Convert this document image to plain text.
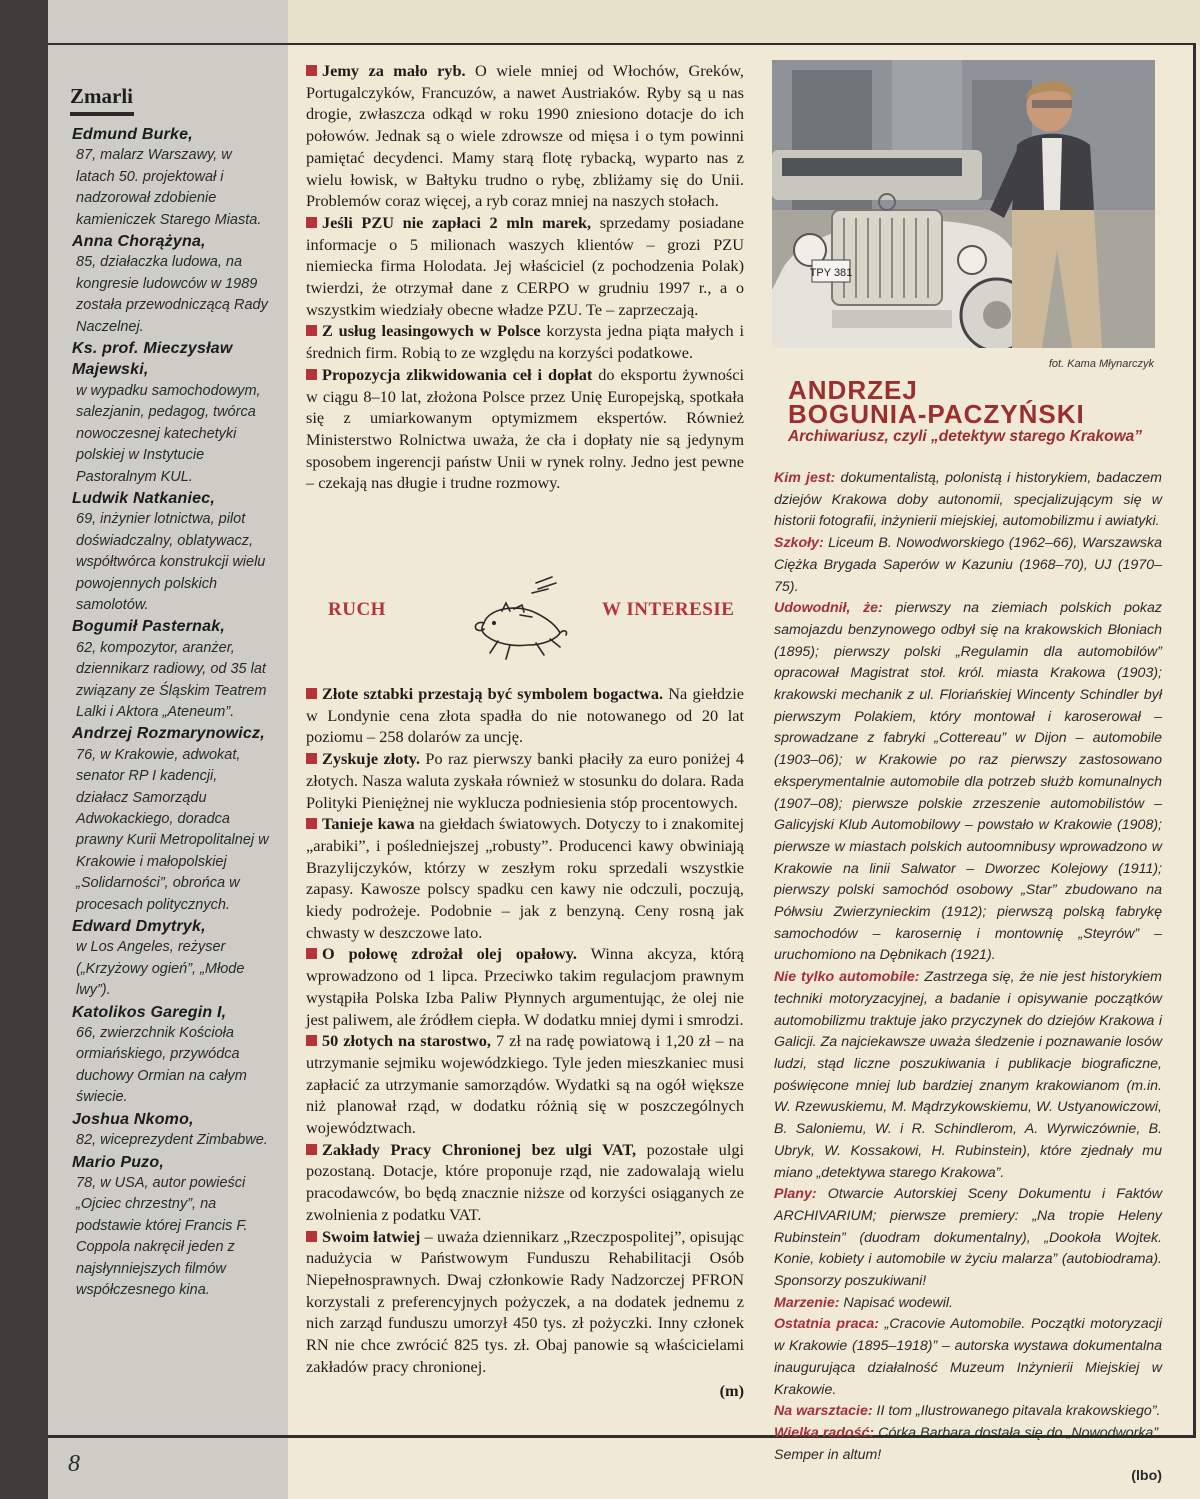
Zmarli
Edmund Burke,
87, malarz Warszawy, w latach 50. projektował i nadzorował zdobienie kamieniczek Starego Miasta.
Anna Chorążyna,
85, działaczka ludowa, na kongresie ludowców w 1989 została przewodniczącą Rady Naczelnej.
Ks. prof. Mieczysław Majewski,
w wypadku samochodowym, salezjanin, pedagog, twórca nowoczesnej katechetyki polskiej w Instytucie Pastoralnym KUL.
Ludwik Natkaniec,
69, inżynier lotnictwa, pilot doświadczalny, oblatywacz, współtwórca konstrukcji wielu powojennych polskich samolotów.
Bogumił Pasternak,
62, kompozytor, aranżer, dziennikarz radiowy, od 35 lat związany ze Śląskim Teatrem Lalki i Aktora „Ateneum”.
Andrzej Rozmarynowicz,
76, w Krakowie, adwokat, senator RP I kadencji, działacz Samorządu Adwokackiego, doradca prawny Kurii Metropolitalnej w Krakowie i małopolskiej „Solidarności”, obrońca w procesach politycznych.
Edward Dmytryk,
w Los Angeles, reżyser („Krzyżowy ogień”, „Młode lwy”).
Katolikos Garegin I,
66, zwierzchnik Kościoła ormiańskiego, przywódca duchowy Ormian na całym świecie.
Joshua Nkomo,
82, wiceprezydent Zimbabwe.
Mario Puzo,
78, w USA, autor powieści „Ojciec chrzestny”, na podstawie której Francis F. Coppola nakręcił jeden z najsłynniejszych filmów współczesnego kina.

Jemy za mało ryb. O wiele mniej od Włochów, Greków, Portugalczyków, Francuzów, a nawet Austriaków. Ryby są u nas drogie, zwłaszcza odkąd w roku 1990 zniesiono dotacje do ich połowów. Jednak są o wiele zdrowsze od mięsa i o tym powinni pamiętać decydenci. Mamy starą flotę rybacką, wyparto nas z wielu łowisk, w Bałtyku trudno o rybę, zbliżamy się do Unii. Problemów coraz więcej, a ryb coraz mniej na naszych stołach.

Jeśli PZU nie zapłaci 2 mln marek, sprzedamy posiadane informacje o 5 milionach waszych klientów – grozi PZU niemiecka firma Holodata. Jej właściciel (z pochodzenia Polak) twierdzi, że otrzymał dane z CERPO w grudniu 1997 r., a o wszystkim wiedziały obecne władze PZU. Te – zaprzeczają.

Z usług leasingowych w Polsce korzysta jedna piąta małych i średnich firm. Robią to ze względu na korzyści podatkowe.

Propozycja zlikwidowania ceł i dopłat do eksportu żywności w ciągu 8–10 lat, złożona Polsce przez Unię Europejską, spotkała się z umiarkowanym optymizmem ekspertów. Również Ministerstwo Rolnictwa uważa, że cła i dopłaty nie są jedynym sposobem ingerencji państw Unii w rynek rolny. Jedno jest pewne – czekają nas długie i trudne rozmowy.

RUCH	W INTERESIE

Złote sztabki przestają być symbolem bogactwa. Na giełdzie w Londynie cena złota spadła do nie notowanego od 20 lat poziomu – 258 dolarów za uncję.

Zyskuje złoty. Po raz pierwszy banki płaciły za euro poniżej 4 złotych. Nasza waluta zyskała również w stosunku do dolara. Rada Polityki Pieniężnej nie wyklucza podniesienia stóp procentowych.

Tanieje kawa na giełdach światowych. Dotyczy to i znakomitej „arabiki”, i pośledniejszej „robusty”. Producenci kawy obwiniają Brazylijczyków, którzy w zeszłym roku sprzedali wszystkie zapasy. Kawosze polscy spadku cen kawy nie odczuli, poczują, kiedy podrożeje. Podobnie – jak z benzyną. Ceny rosną jak chwasty w deszczowe lato.

O połowę zdrożał olej opałowy. Winna akcyza, którą wprowadzono od 1 lipca. Przeciwko takim regulacjom prawnym wystąpiła Polska Izba Paliw Płynnych argumentując, że olej nie jest paliwem, ale źródłem ciepła. W dodatku mniej dymi i smrodzi.

50 złotych na starostwo, 7 zł na radę powiatową i 1,20 zł – na utrzymanie sejmiku wojewódzkiego. Tyle jeden mieszkaniec musi zapłacić za utrzymanie samorządów. Wydatki są na ogół większe niż planował rząd, w dodatku różnią się w poszczególnych województwach.

Zakłady Pracy Chronionej bez ulgi VAT, pozostałe ulgi pozostaną. Dotacje, które proponuje rząd, nie zadowalają wielu pracodawców, bo będą znacznie niższe od korzyści osiąganych ze zwolnienia z podatku VAT.

Swoim łatwiej – uważa dziennikarz „Rzeczpospolitej”, opisując nadużycia w Państwowym Funduszu Rehabilitacji Osób Niepełnosprawnych. Dwaj członkowie Rady Nadzorczej PFRON korzystali z preferencyjnych pożyczek, a na dodatek jednemu z nich zarząd funduszu umorzył 450 tys. zł pożyczki. Inny członek RN nie chce zwrócić 825 tys. zł. Obaj panowie są właścicielami zakładów pracy chronionej.

(m)
TPY 381
fot. Kama Młynarczyk
ANDRZEJ
BOGUNIA-PACZYŃSKI
Archiwariusz, czyli „detektyw starego Krakowa”

Kim jest: dokumentalistą, polonistą i historykiem, badaczem dziejów Krakowa doby autonomii, specjalizującym się w historii fotografii, inżynierii miejskiej, automobilizmu i awiatyki.

Szkoły: Liceum B. Nowodworskiego (1962–66), Warszawska Ciężka Brygada Saperów w Kazuniu (1968–70), UJ (1970–75).

Udowodnił, że: pierwszy na ziemiach polskich pokaz samojazdu benzynowego odbył się na krakowskich Błoniach (1895); pierwszy polski „Regulamin dla automobilów” opracował Magistrat stoł. król. miasta Krakowa (1903); krakowski mechanik z ul. Floriańskiej Wincenty Schindler był pierwszym Polakiem, który montował i karoserował – sprowadzane z fabryki „Cottereau” w Dijon – automobile (1903–06); w Krakowie po raz pierwszy zastosowano eksperymentalnie automobile dla potrzeb służb komunalnych (1907–08); pierwsze polskie zrzeszenie automobilistów – Galicyjski Klub Automobilowy – powstało w Krakowie (1908); pierwsze w miastach polskich autoomnibusy wprowadzono w Krakowie na linii Salwator – Dworzec Kolejowy (1911); pierwszy polski samochód osobowy „Star” zbudowano na Półwsiu Zwierzynieckim (1912); pierwszą polską fabrykę samochodów – karosernię i montownię „Steyrów” – uruchomiono na Dębnikach (1921).

Nie tylko automobile: Zastrzega się, że nie jest historykiem techniki motoryzacyjnej, a badanie i opisywanie początków automobilizmu traktuje jako przyczynek do dziejów Krakowa i Galicji. Za najciekawsze uważa śledzenie i poznawanie losów ludzi, stąd liczne poszukiwania i publikacje biograficzne, poświęcone mniej lub bardziej znanym krakowianom (m.in. W. Rzewuskiemu, M. Mądrzykowskiemu, W. Ustyanowiczowi, B. Saloniemu, W. i R. Schindlerom, A. Wyrwiczównie, B. Ubryk, W. Kossakowi, H. Rubinstein), które zjednały mu miano „detektywa starego Krakowa”.

Plany: Otwarcie Autorskiej Sceny Dokumentu i Faktów ARCHIVARIUM; pierwsze premiery: „Na tropie Heleny Rubinstein” (duodram dokumentalny), „Dookoła Wojtek. Konie, kobiety i automobile w życiu malarza” (autobiodrama). Sponsorzy poszukiwani!

Marzenie: Napisać wodewil.

Ostatnia praca: „Cracovie Automobile. Początki motoryzacji w Krakowie (1895–1918)” – autorska wystawa dokumentalna inaugurująca działalność Muzeum Inżynierii Miejskiej w Krakowie.

Na warsztacie: II tom „Ilustrowanego pitavala krakowskiego”.

Wielka radość: Córka Barbara dostała się do „Nowodworka”. Semper in altum!

(lbo)
8
